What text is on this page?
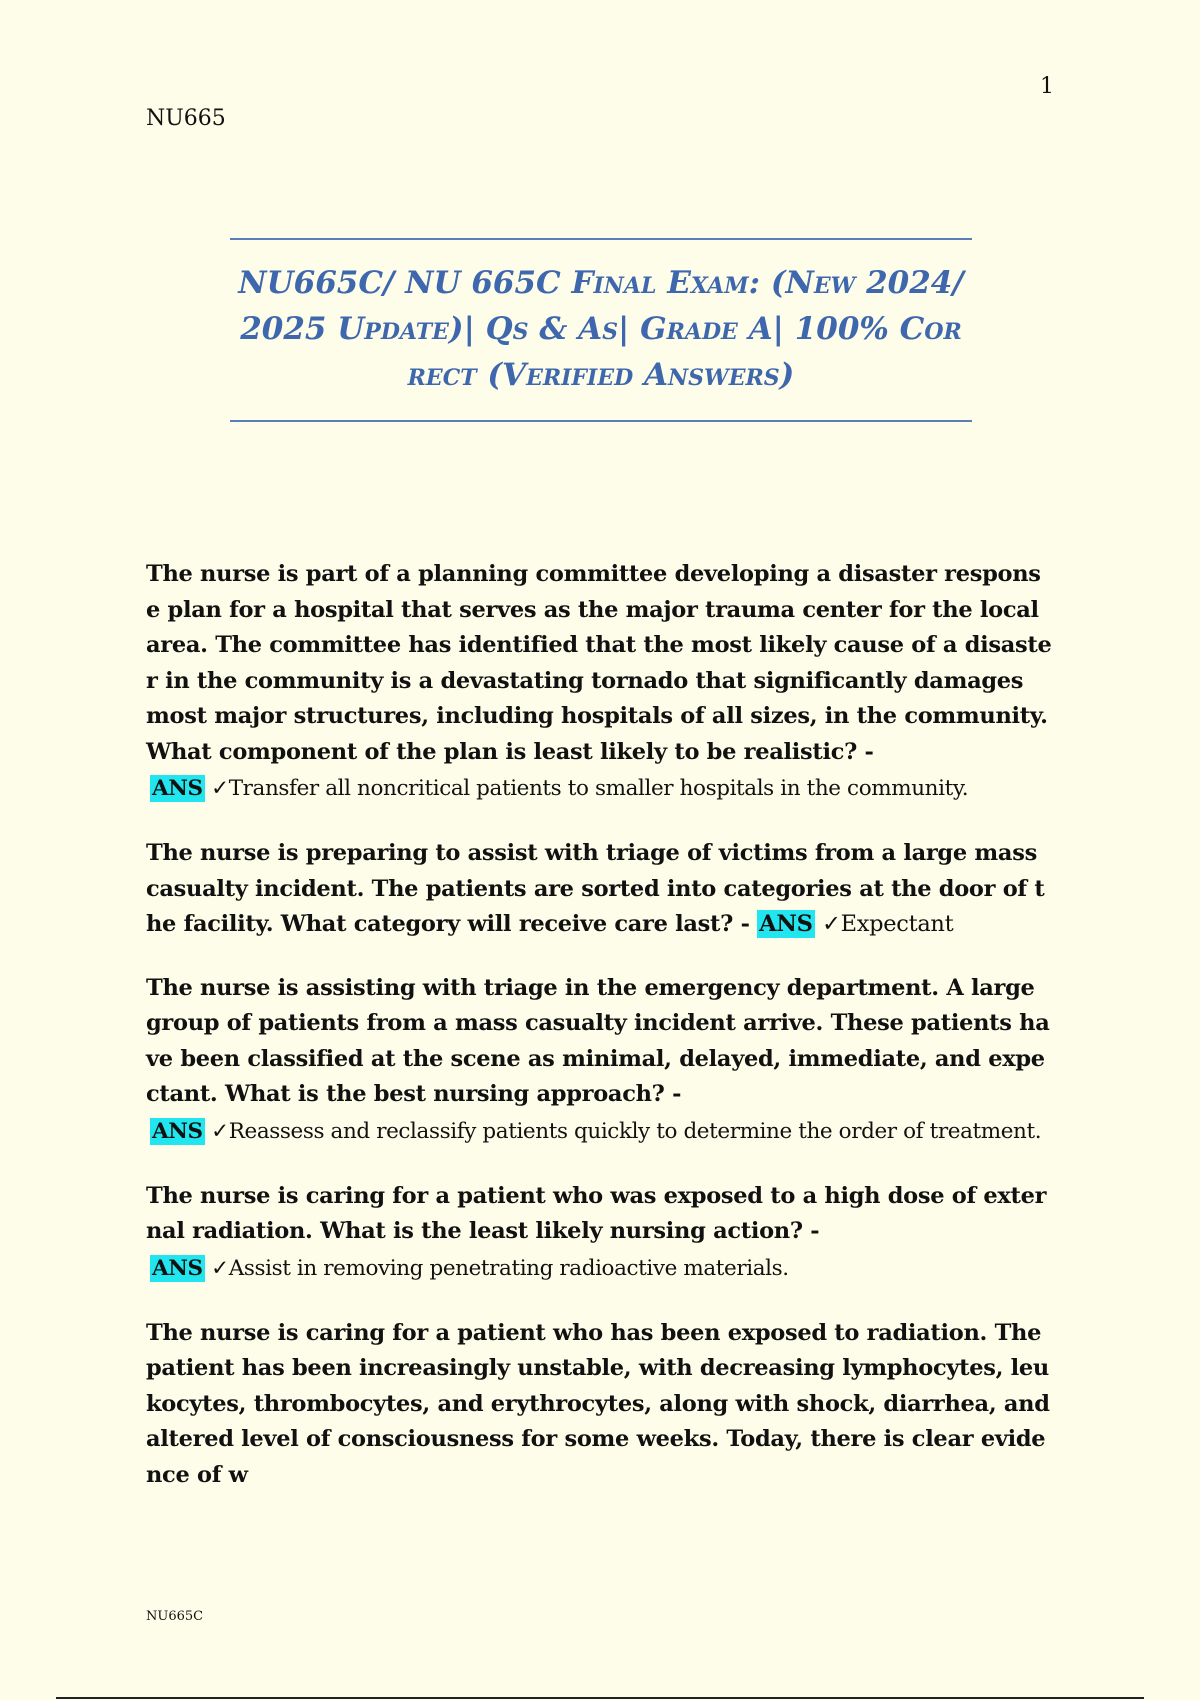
1
NU665
NU665C/ NU 665C Final Exam: (New 2024/ 2025 Update)| Qs & As| Grade A| 100% Correct (Verified Answers)
The nurse is part of a planning committee developing a disaster response plan for a hospital that serves as the major trauma center for the local area. The committee has identified that the most likely cause of a disaster in the community is a devastating tornado that significantly damages most major structures, including hospitals of all sizes, in the community. What component of the plan is least likely to be realistic? -
ANS ✓Transfer all noncritical patients to smaller hospitals in the community.
The nurse is preparing to assist with triage of victims from a large mass casualty incident. The patients are sorted into categories at the door of the facility. What category will receive care last? - ANS ✓Expectant
The nurse is assisting with triage in the emergency department. A large group of patients from a mass casualty incident arrive. These patients have been classified at the scene as minimal, delayed, immediate, and expectant. What is the best nursing approach? -
ANS ✓Reassess and reclassify patients quickly to determine the order of treatment.
The nurse is caring for a patient who was exposed to a high dose of external radiation. What is the least likely nursing action? -
ANS ✓Assist in removing penetrating radioactive materials.
The nurse is caring for a patient who has been exposed to radiation. The patient has been increasingly unstable, with decreasing lymphocytes, leukocytes, thrombocytes, and erythrocytes, along with shock, diarrhea, and altered level of consciousness for some weeks. Today, there is clear evidence of w
NU665C
